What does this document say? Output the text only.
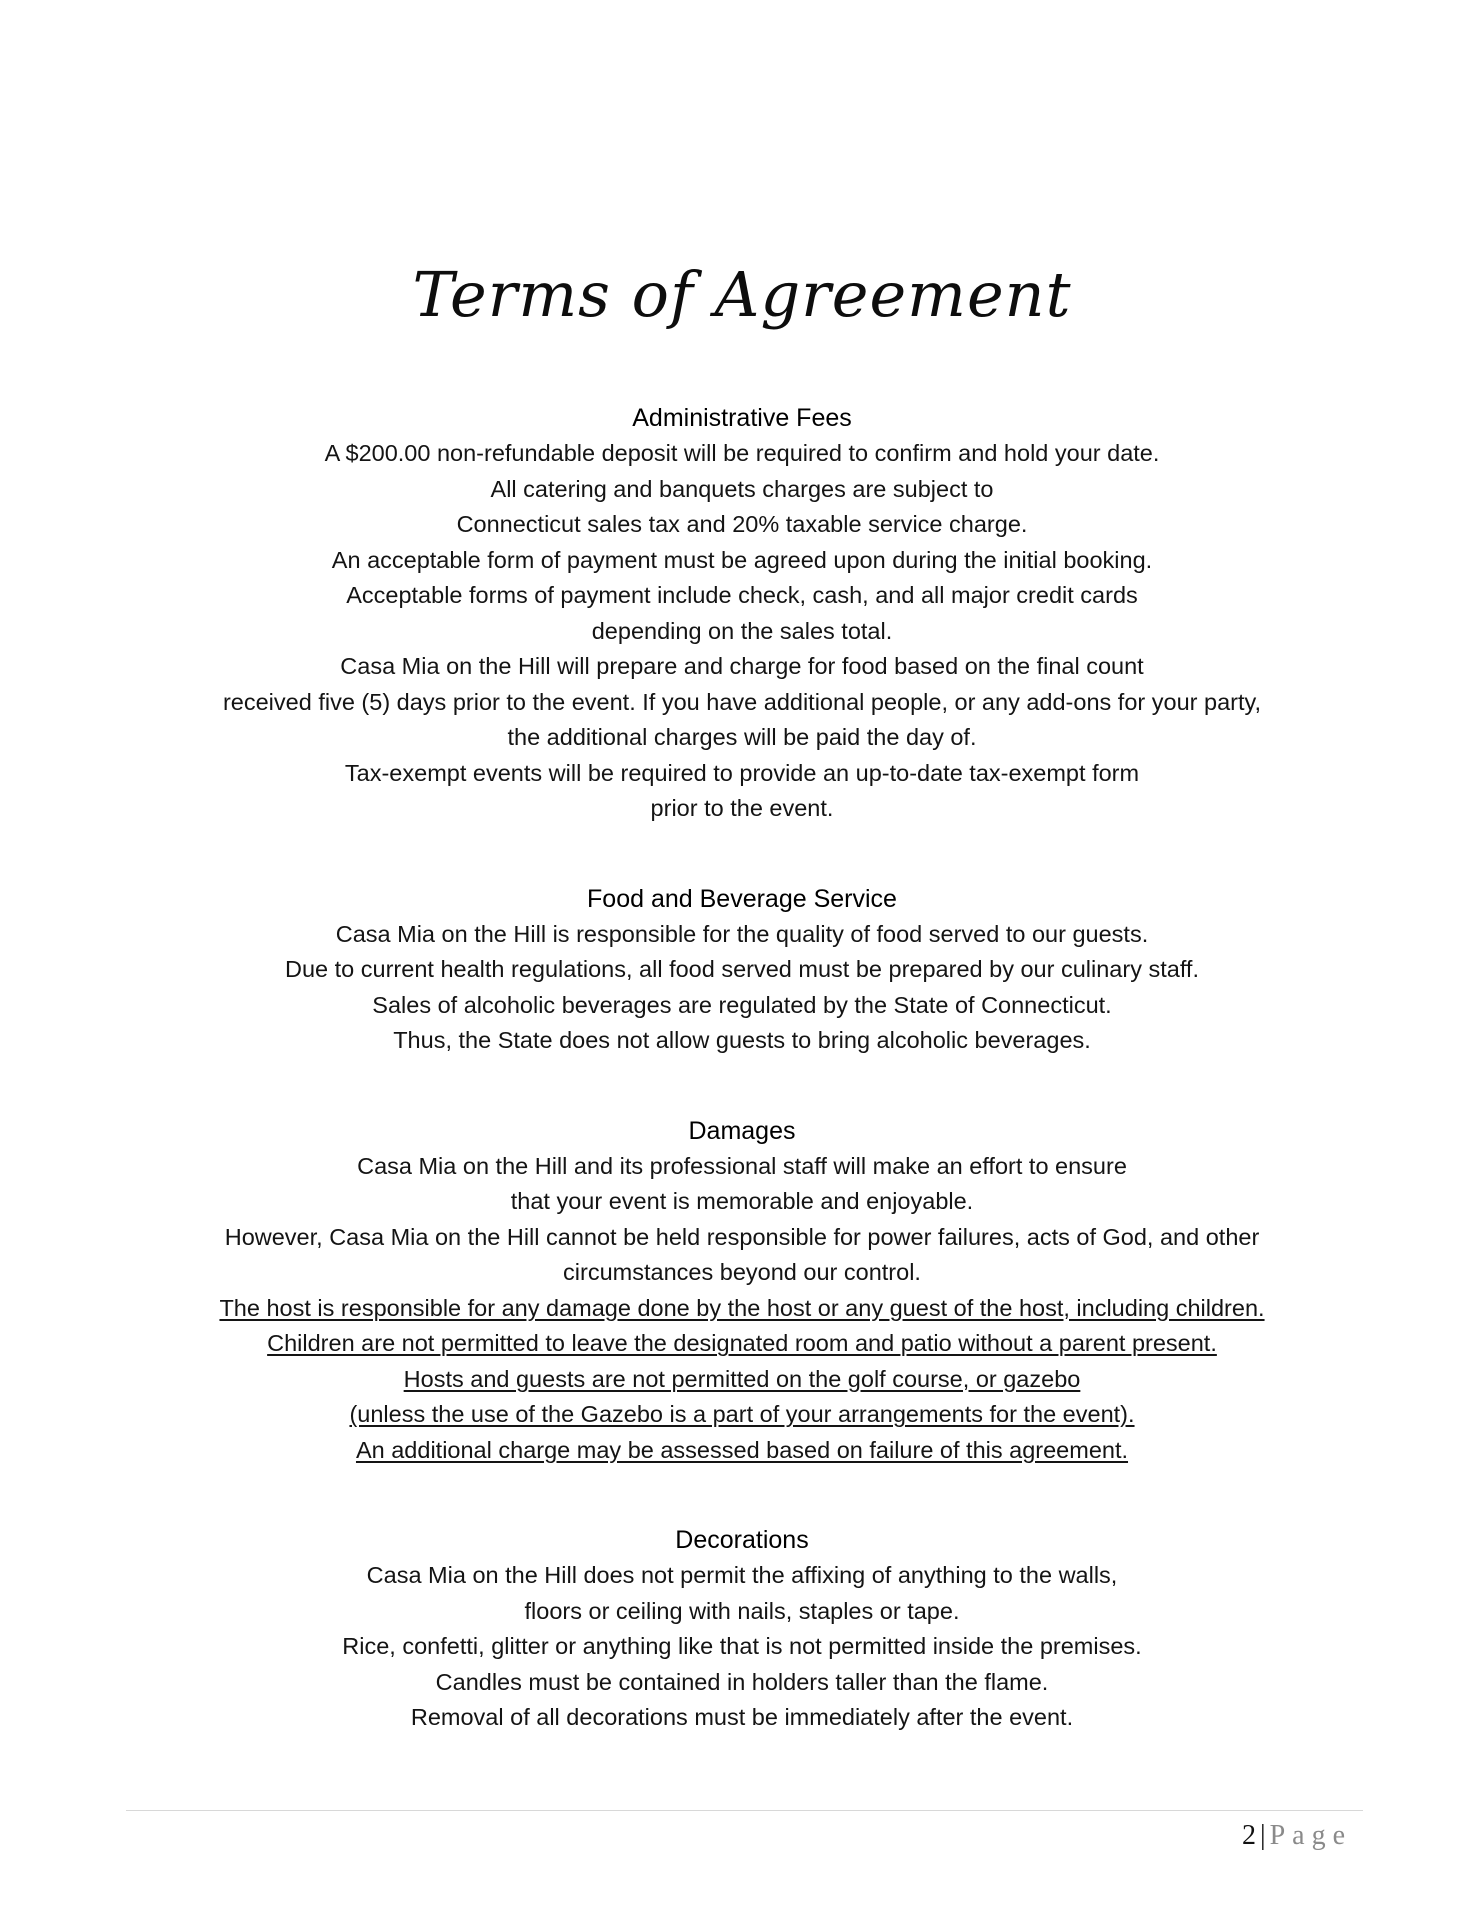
Terms of Agreement
Administrative Fees

A $200.00 non-refundable deposit will be required to confirm and hold your date.

All catering and banquets charges are subject to

Connecticut sales tax and 20% taxable service charge.

An acceptable form of payment must be agreed upon during the initial booking.

Acceptable forms of payment include check, cash, and all major credit cards

depending on the sales total.

Casa Mia on the Hill will prepare and charge for food based on the final count

received five (5) days prior to the event. If you have additional people, or any add-ons for your party,

the additional charges will be paid the day of.

Tax-exempt events will be required to provide an up-to-date tax-exempt form

prior to the event.

Food and Beverage Service

Casa Mia on the Hill is responsible for the quality of food served to our guests.

Due to current health regulations, all food served must be prepared by our culinary staff.

Sales of alcoholic beverages are regulated by the State of Connecticut.

Thus, the State does not allow guests to bring alcoholic beverages.

Damages

Casa Mia on the Hill and its professional staff will make an effort to ensure

that your event is memorable and enjoyable.

However, Casa Mia on the Hill cannot be held responsible for power failures, acts of God, and other

circumstances beyond our control.

The host is responsible for any damage done by the host or any guest of the host, including children.

Children are not permitted to leave the designated room and patio without a parent present.

Hosts and guests are not permitted on the golf course, or gazebo

(unless the use of the Gazebo is a part of your arrangements for the event).

An additional charge may be assessed based on failure of this agreement.

Decorations

Casa Mia on the Hill does not permit the affixing of anything to the walls,

floors or ceiling with nails, staples or tape.

Rice, confetti, glitter or anything like that is not permitted inside the premises.

Candles must be contained in holders taller than the flame.

Removal of all decorations must be immediately after the event.

2 | Page
